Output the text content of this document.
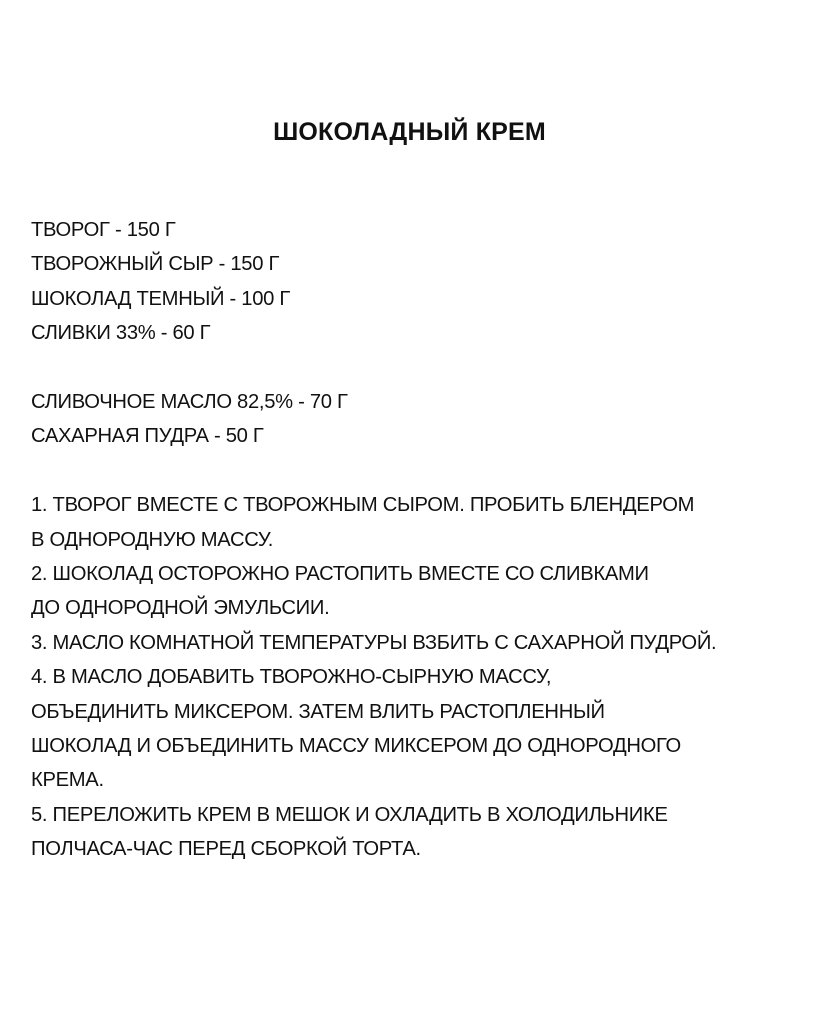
ШОКОЛАДНЫЙ КРЕМ
ТВОРОГ - 150 Г
ТВОРОЖНЫЙ СЫР - 150 Г
ШОКОЛАД ТЕМНЫЙ - 100 Г
СЛИВКИ 33% - 60 Г
СЛИВОЧНОЕ МАСЛО 82,5% - 70 Г
САХАРНАЯ ПУДРА - 50 Г
1. ТВОРОГ ВМЕСТЕ С ТВОРОЖНЫМ СЫРОМ. ПРОБИТЬ БЛЕНДЕРОМ
В ОДНОРОДНУЮ МАССУ.
2. ШОКОЛАД ОСТОРОЖНО РАСТОПИТЬ ВМЕСТЕ СО СЛИВКАМИ
ДО ОДНОРОДНОЙ ЭМУЛЬСИИ.
3. МАСЛО КОМНАТНОЙ ТЕМПЕРАТУРЫ ВЗБИТЬ С САХАРНОЙ ПУДРОЙ.
4. В МАСЛО ДОБАВИТЬ ТВОРОЖНО-СЫРНУЮ МАССУ,
ОБЪЕДИНИТЬ МИКСЕРОМ. ЗАТЕМ ВЛИТЬ РАСТОПЛЕННЫЙ
ШОКОЛАД И ОБЪЕДИНИТЬ МАССУ МИКСЕРОМ ДО ОДНОРОДНОГО
КРЕМА.
5. ПЕРЕЛОЖИТЬ КРЕМ В МЕШОК И ОХЛАДИТЬ В ХОЛОДИЛЬНИКЕ
ПОЛЧАСА-ЧАС ПЕРЕД СБОРКОЙ ТОРТА.
